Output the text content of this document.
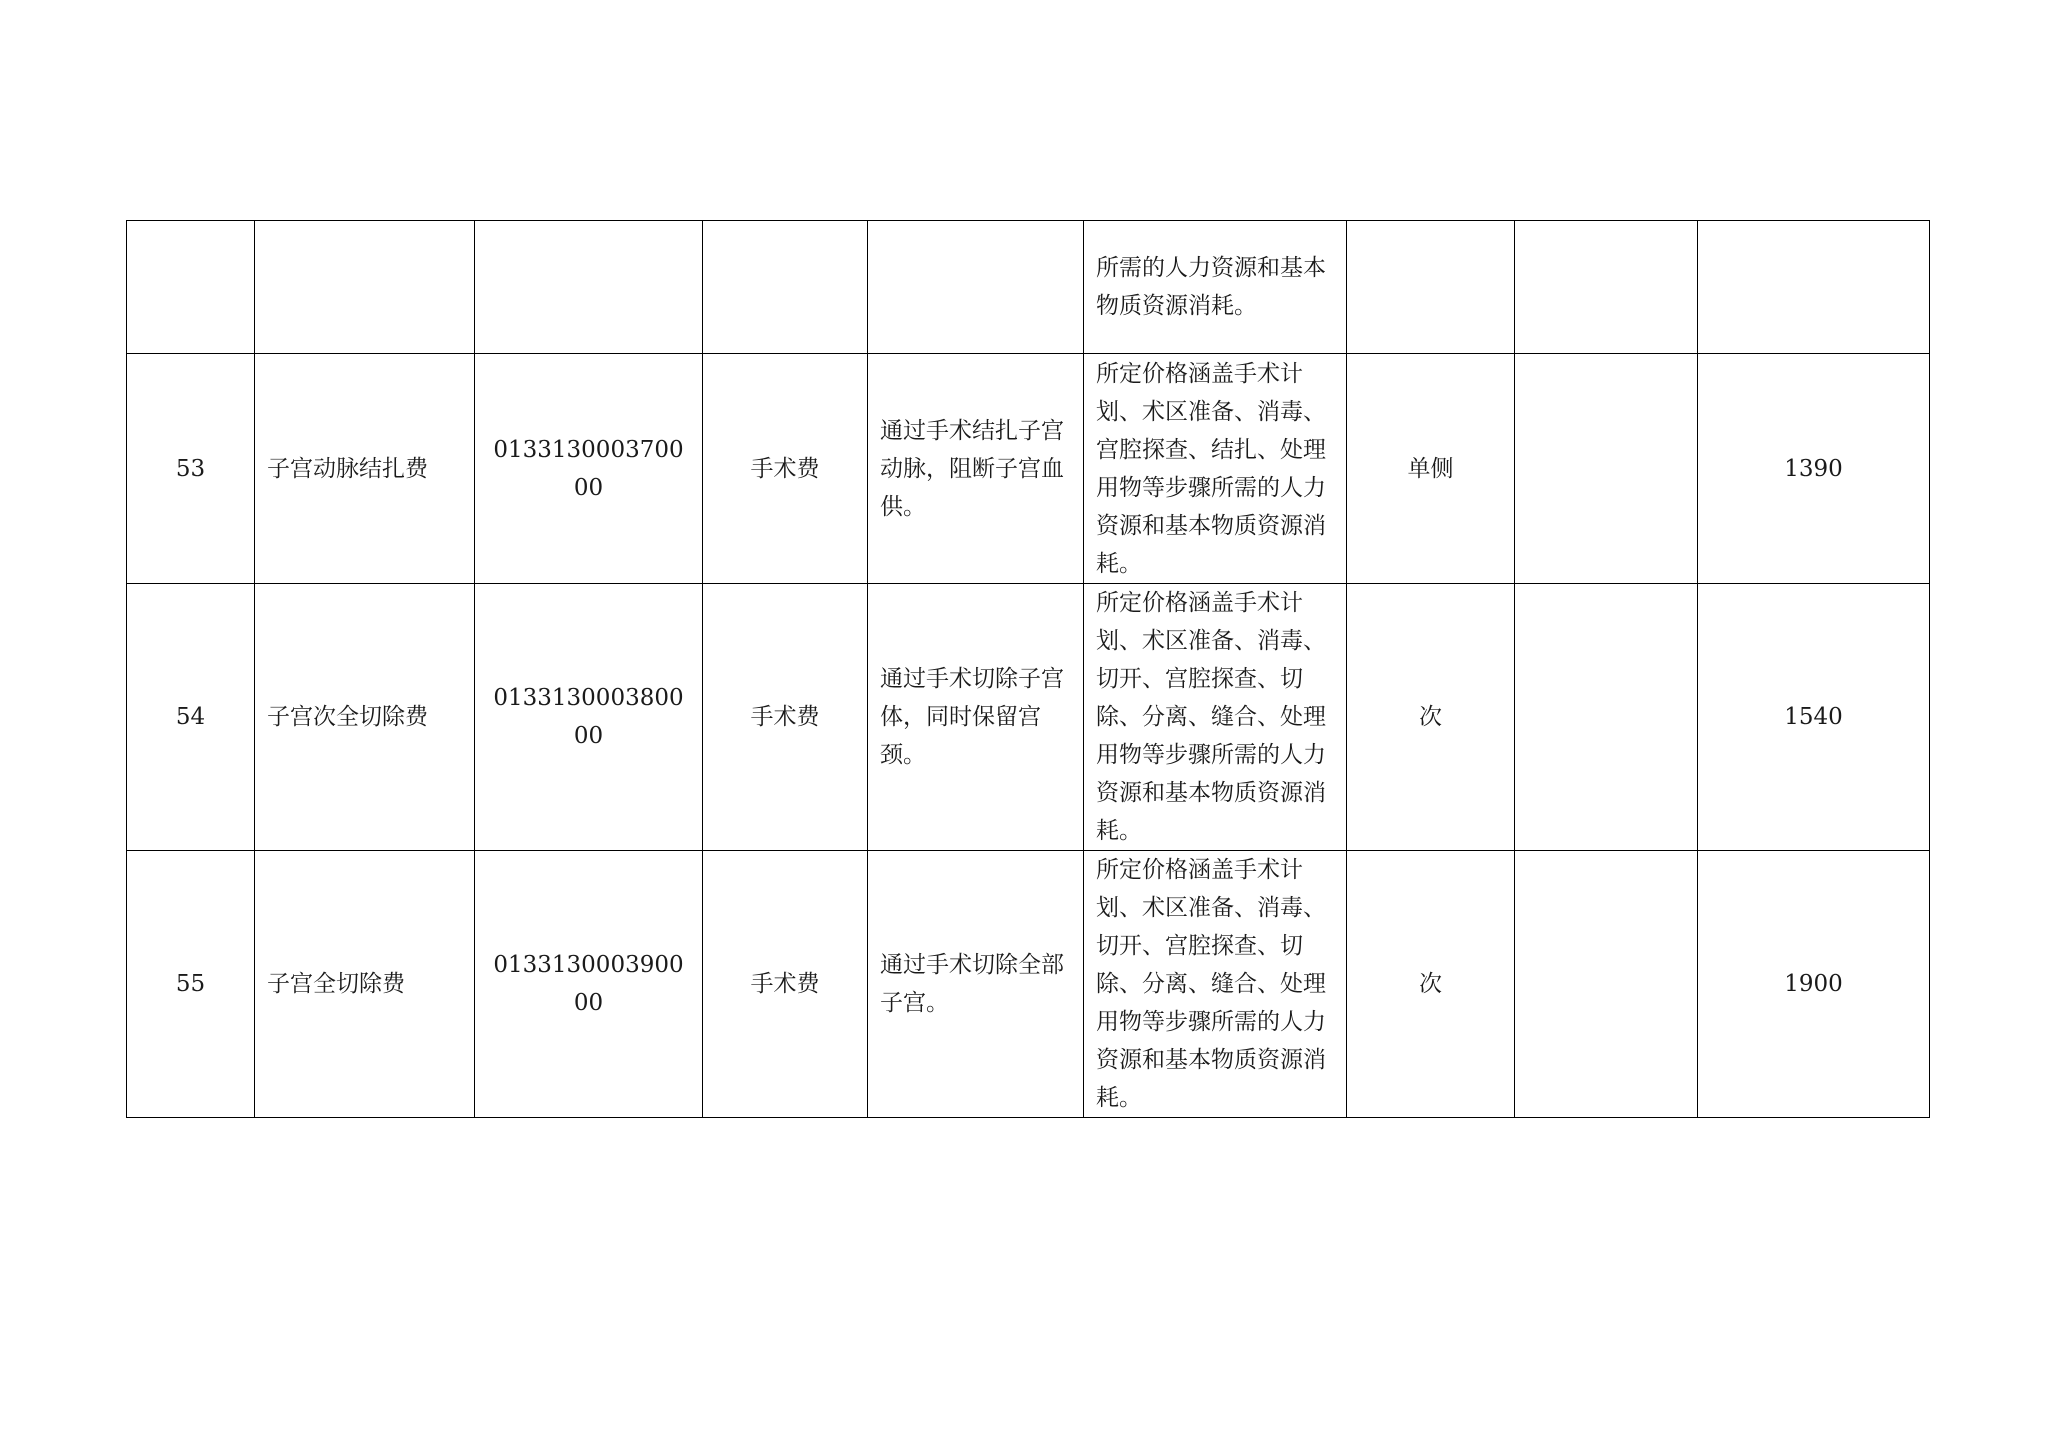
					所需的人力资源和基本物质资源消耗。			

53	子宫动脉结扎费	013313000370000	手术费	通过手术结扎子宫动脉，阻断子宫血供。	所定价格涵盖手术计划、术区准备、消毒、宫腔探查、结扎、处理用物等步骤所需的人力资源和基本物质资源消耗。	单侧		1390
54	子宫次全切除费	013313000380000	手术费	通过手术切除子宫体，同时保留宫颈。	所定价格涵盖手术计划、术区准备、消毒、切开、宫腔探查、切除、分离、缝合、处理用物等步骤所需的人力资源和基本物质资源消耗。	次		1540
55	子宫全切除费	013313000390000	手术费	通过手术切除全部子宫。	所定价格涵盖手术计划、术区准备、消毒、切开、宫腔探查、切除、分离、缝合、处理用物等步骤所需的人力资源和基本物质资源消耗。	次		1900
